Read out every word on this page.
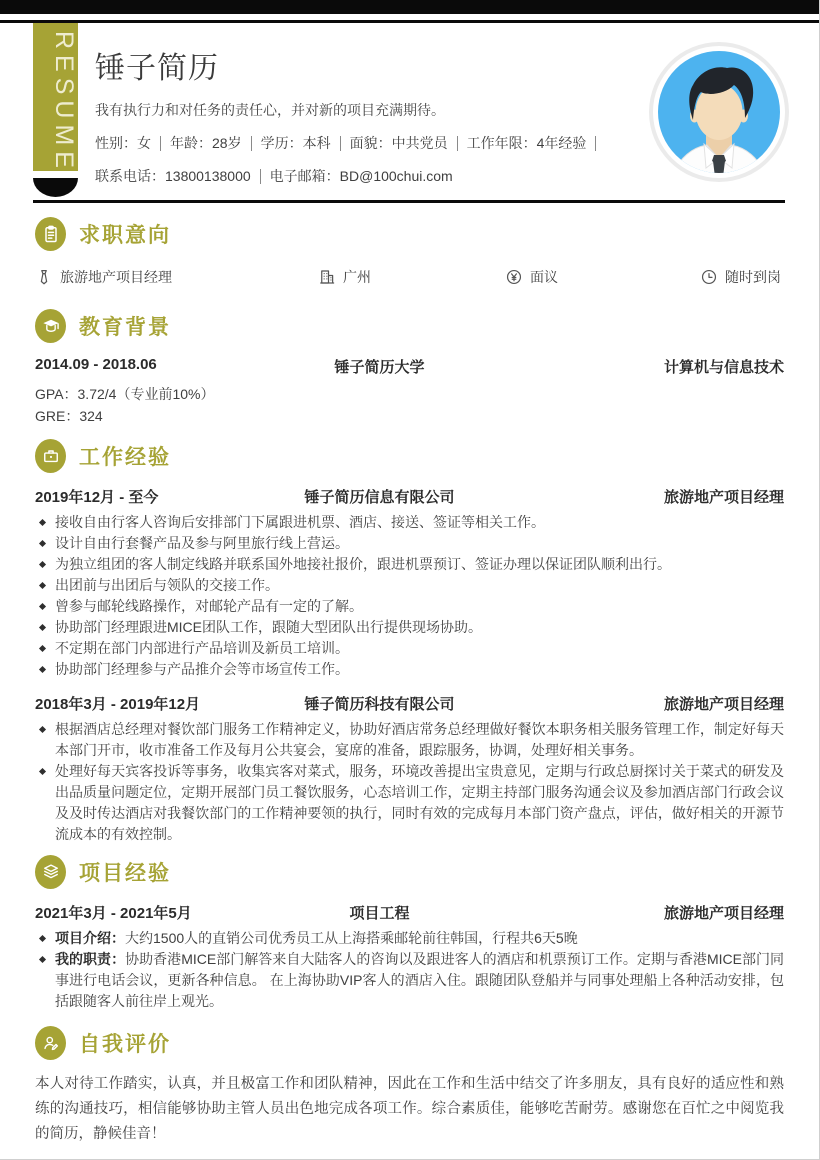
RESUME 锤子简历
我有执行力和对任务的责任心，并对新的项目充满期待。
性别：女 年龄：28岁 学历：本科 面貌：中共党员 工作年限：4年经验
联系电话：13800138000 电子邮箱：BD@100chui.com
求职意向
旅游地产项目经理	广州	面议	随时到岗
教育背景
2014.09 - 2018.06	锤子简历大学	计算机与信息技术

GPA：3.72/4（专业前10%）

GRE：324

工作经验
2019年12月 - 至今	锤子简历信息有限公司	旅游地产项目经理
接收自由行客人咨询后安排部门下属跟进机票、酒店、接送、签证等相关工作。
设计自由行套餐产品及参与阿里旅行线上营运。
为独立组团的客人制定线路并联系国外地接社报价，跟进机票预订、签证办理以保证团队顺利出行。
出团前与出团后与领队的交接工作。
曾参与邮轮线路操作，对邮轮产品有一定的了解。
协助部门经理跟进MICE团队工作，跟随大型团队出行提供现场协助。
不定期在部门内部进行产品培训及新员工培训。
协助部门经理参与产品推介会等市场宣传工作。
2018年3月 - 2019年12月	锤子简历科技有限公司	旅游地产项目经理
根据酒店总经理对餐饮部门服务工作精神定义，协助好酒店常务总经理做好餐饮本职务相关服务管理工作，制定好每天本部门开市，收市准备工作及每月公共宴会，宴席的准备，跟踪服务，协调，处理好相关事务。
处理好每天宾客投诉等事务，收集宾客对菜式，服务，环境改善提出宝贵意见，定期与行政总厨探讨关于菜式的研发及出品质量问题定位，定期开展部门员工餐饮服务，心态培训工作，定期主持部门服务沟通会议及参加酒店部门行政会议及及时传达酒店对我餐饮部门的工作精神要领的执行，同时有效的完成每月本部门资产盘点，评估，做好相关的开源节流成本的有效控制。
项目经验
2021年3月 - 2021年5月	项目工程	旅游地产项目经理
项目介绍：大约1500人的直销公司优秀员工从上海搭乘邮轮前往韩国，行程共6天5晚
我的职责：协助香港MICE部门解答来自大陆客人的咨询以及跟进客人的酒店和机票预订工作。定期与香港MICE部门同事进行电话会议，更新各种信息。 在上海协助VIP客人的酒店入住。跟随团队登船并与同事处理船上各种活动安排，包括跟随客人前往岸上观光。
自我评价

本人对待工作踏实，认真，并且极富工作和团队精神，因此在工作和生活中结交了许多朋友，具有良好的适应性和熟练的沟通技巧，相信能够协助主管人员出色地完成各项工作。综合素质佳，能够吃苦耐劳。感谢您在百忙之中阅览我的简历，静候佳音！
